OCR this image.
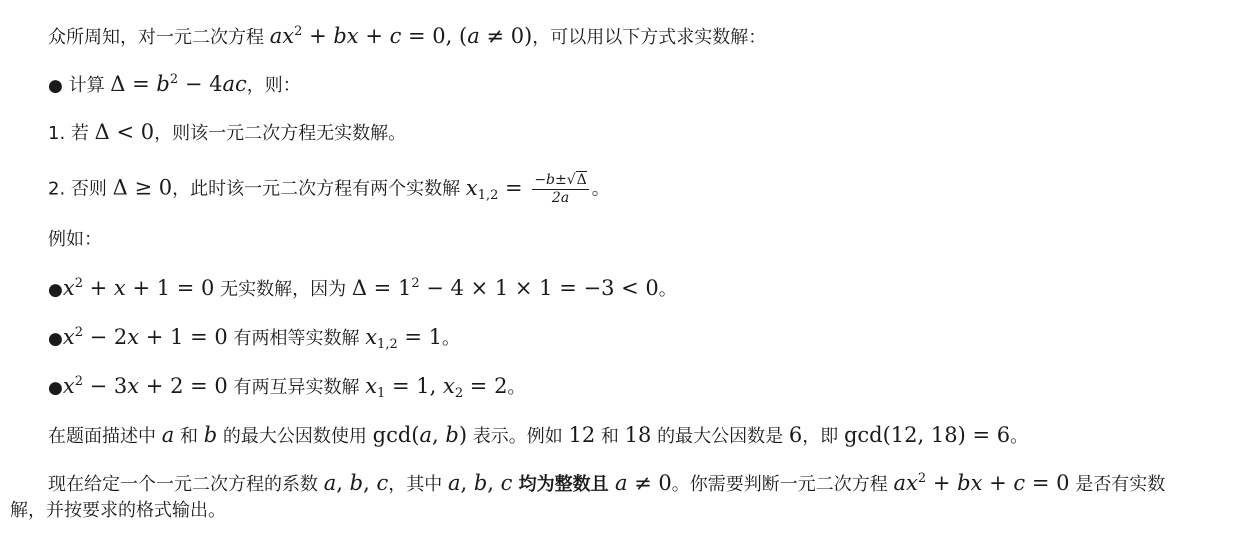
众所周知，对一元二次方程 $ax^2$ + bx + c = 0, (a ≠ 0)，可以用以下方式求实数解：
● 计算 $\Delta = b^2 - 4ac$，则：
1. 若 Δ < 0，则该一元二次方程无实数解。
2. 否则 Δ ≥ 0，此时该一元二次方程有两个实数解 $x_{1,2} = \frac{-b\pm√\Delta}{2a}$ 。
例如：
$●x^2 + x + 1 = 0$ 无实数解，因为 $\Delta = 1^2 - 4 \times 1 \times 1 = -3 < 0$。
$●x^2 - 2x + 1 = 0$ 有两相等实数解 $x_{1,2} = 1$。
$●x^2 - 3x + 2 = 0$ 有两互异实数解 $x_1 = 1$, $x_2 = 2$。
在题面描述中 a 和 b 的最大公因数使用 gcd(a, b) 表示。例如 12 和 18 的最大公因数是 6，即 gcd(12, 18) = 6。
现在给定一个一元二次方程的系数 a, b, c，其中 a, b, c 均为整数且 a ≠ 0。你需要判断一元二次方程 $ax^2$ + bx + c = 0 是否有实数
解，并按要求的格式输出。
